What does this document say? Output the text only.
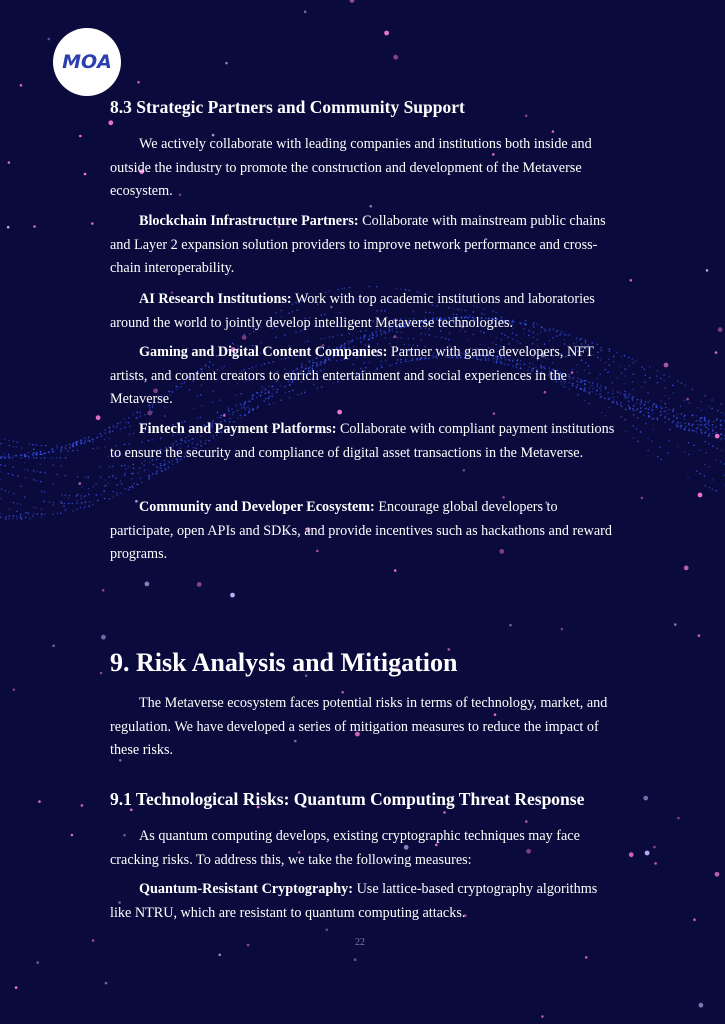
MOA
8.3 Strategic Partners and Community Support

We actively collaborate with leading companies and institutions both inside and outside the industry to promote the construction and development of the Metaverse ecosystem.

Blockchain Infrastructure Partners: Collaborate with mainstream public chains and Layer 2 expansion solution providers to improve network performance and cross-chain interoperability.

AI Research Institutions: Work with top academic institutions and laboratories around the world to jointly develop intelligent Metaverse technologies.

Gaming and Digital Content Companies: Partner with game developers, NFT artists, and content creators to enrich entertainment and social experiences in the Metaverse.

Fintech and Payment Platforms: Collaborate with compliant payment institutions to ensure the security and compliance of digital asset transactions in the Metaverse.

Community and Developer Ecosystem: Encourage global developers to participate, open APIs and SDKs, and provide incentives such as hackathons and reward programs.

9. Risk Analysis and Mitigation

The Metaverse ecosystem faces potential risks in terms of technology, market, and regulation. We have developed a series of mitigation measures to reduce the impact of these risks.

9.1 Technological Risks: Quantum Computing Threat Response

As quantum computing develops, existing cryptographic techniques may face cracking risks. To address this, we take the following measures:

Quantum-Resistant Cryptography: Use lattice-based cryptography algorithms like NTRU, which are resistant to quantum computing attacks.

22
